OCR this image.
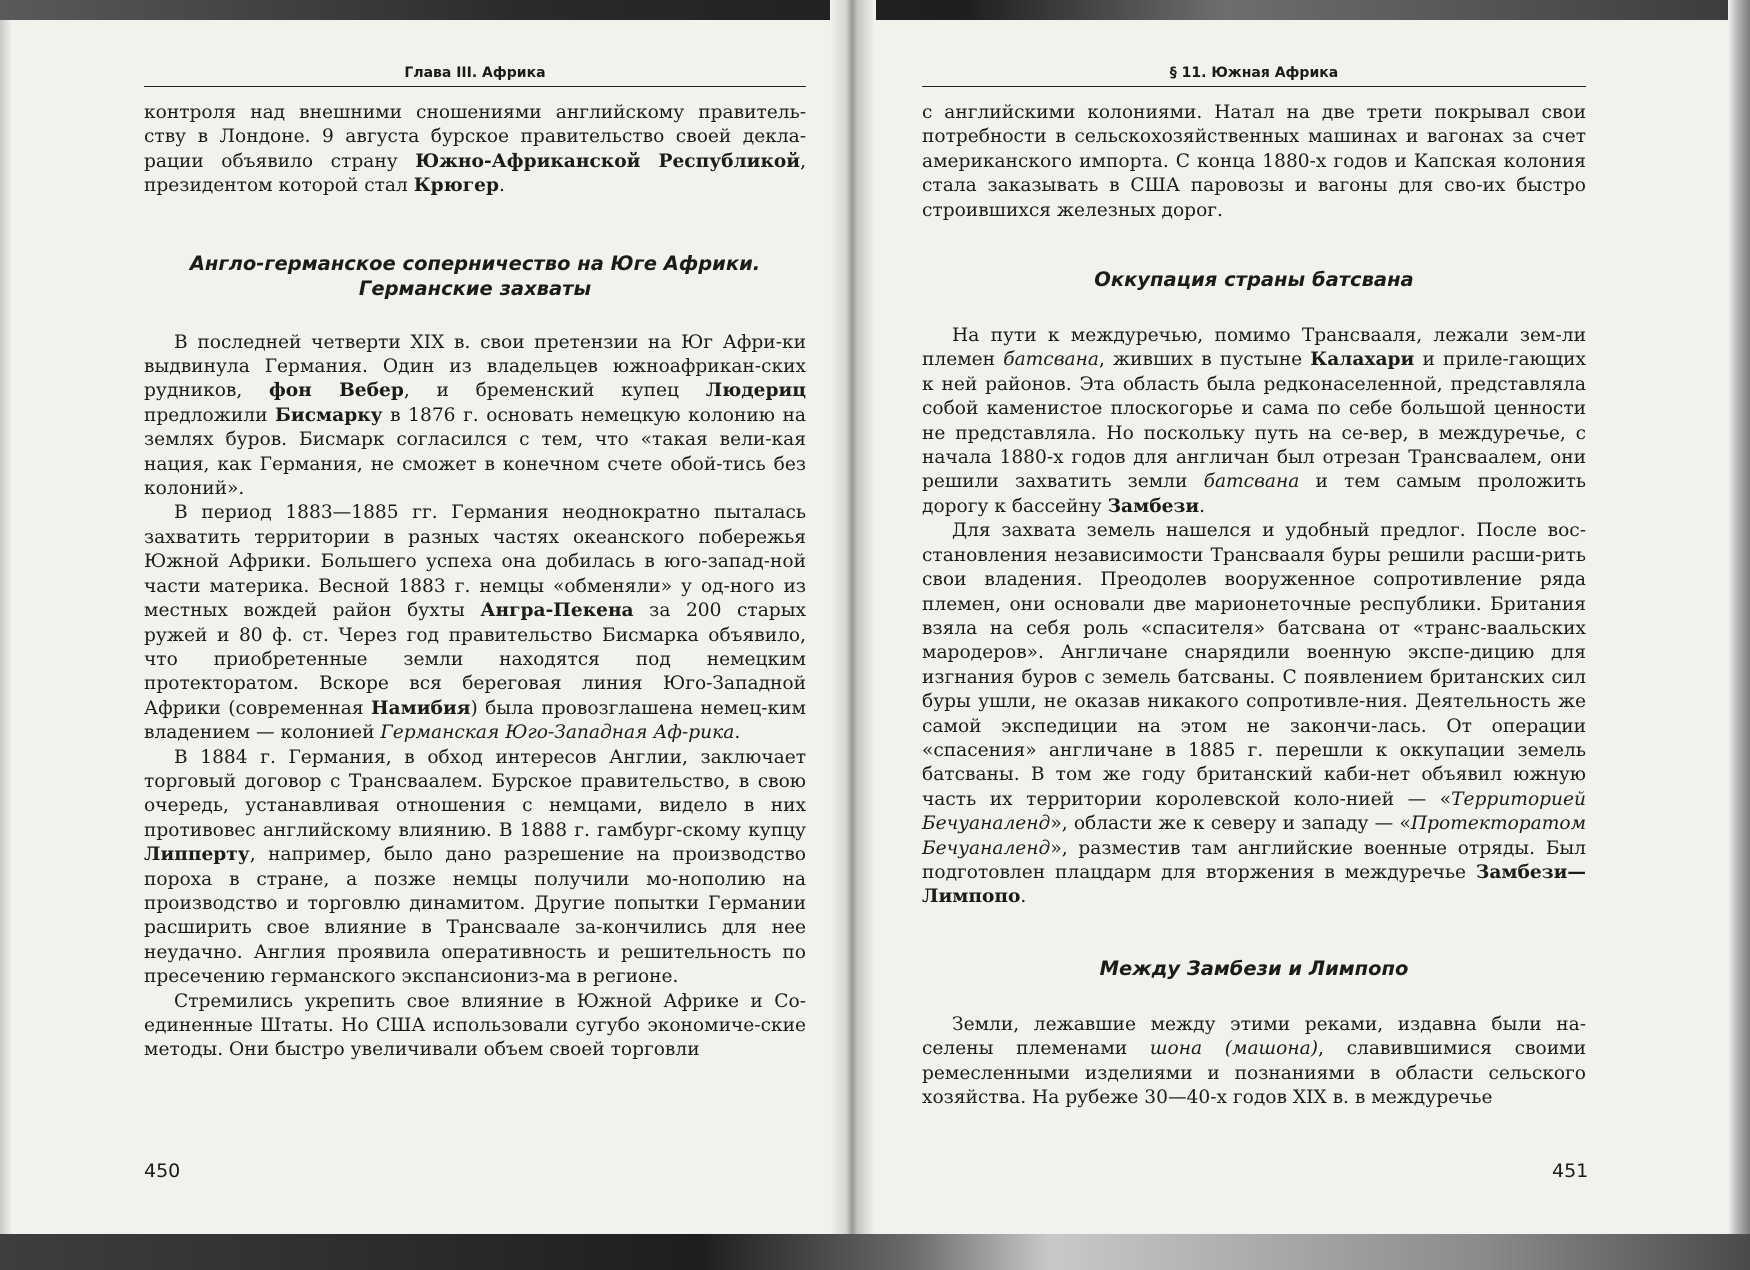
Глава III. Африка

контроля над внешними сношениями английскому правитель-ству в Лондоне. 9 августа бурское правительство своей декла-рации объявило страну Южно-Африканской Республикой, президентом которой стал Крюгер.

Англо-германское соперничество на Юге Африки.
Германские захваты

В последней четверти XIX в. свои претензии на Юг Афри-ки выдвинула Германия. Один из владельцев южноафрикан-ских рудников, фон Вебер, и бременский купец Людериц предложили Бисмарку в 1876 г. основать немецкую колонию на землях буров. Бисмарк согласился с тем, что «такая вели-кая нация, как Германия, не сможет в конечном счете обой-тись без колоний».

В период 1883—1885 гг. Германия неоднократно пыталась захватить территории в разных частях океанского побережья Южной Африки. Большего успеха она добилась в юго-запад-ной части материка. Весной 1883 г. немцы «обменяли» у од-ного из местных вождей район бухты Ангра-Пекена за 200 старых ружей и 80 ф. ст. Через год правительство Бисмарка объявило, что приобретенные земли находятся под немецким протекторатом. Вскоре вся береговая линия Юго-Западной Африки (современная Намибия) была провозглашена немец-ким владением — колонией Германская Юго-Западная Аф-рика.

В 1884 г. Германия, в обход интересов Англии, заключает торговый договор с Трансваалем. Бурское правительство, в свою очередь, устанавливая отношения с немцами, видело в них противовес английскому влиянию. В 1888 г. гамбург-скому купцу Липперту, например, было дано разрешение на производство пороха в стране, а позже немцы получили мо-нополию на производство и торговлю динамитом. Другие попытки Германии расширить свое влияние в Трансваале за-кончились для нее неудачно. Англия проявила оперативность и решительность по пресечению германского экспансиониз-ма в регионе.

Стремились укрепить свое влияние в Южной Африке и Со-единенные Штаты. Но США использовали сугубо экономиче-ские методы. Они быстро увеличивали объем своей торговли

450
§ 11. Южная Африка

с английскими колониями. Натал на две трети покрывал свои потребности в сельскохозяйственных машинах и вагонах за счет американского импорта. С конца 1880-х годов и Капская колония стала заказывать в США паровозы и вагоны для сво-их быстро строившихся железных дорог.

Оккупация страны батсвана

На пути к междуречью, помимо Трансвааля, лежали зем-ли племен батсвана, живших в пустыне Калахари и приле-гающих к ней районов. Эта область была редконаселенной, представляла собой каменистое плоскогорье и сама по себе большой ценности не представляла. Но поскольку путь на се-вер, в междуречье, с начала 1880-х годов для англичан был отрезан Трансваалем, они решили захватить земли батсвана и тем самым проложить дорогу к бассейну Замбези.

Для захвата земель нашелся и удобный предлог. После вос-становления независимости Трансвааля буры решили расши-рить свои владения. Преодолев вооруженное сопротивление ряда племен, они основали две марионеточные республики. Британия взяла на себя роль «спасителя» батсвана от «транс-ваальских мародеров». Англичане снарядили военную экспе-дицию для изгнания буров с земель батсваны. С появлением британских сил буры ушли, не оказав никакого сопротивле-ния. Деятельность же самой экспедиции на этом не закончи-лась. От операции «спасения» англичане в 1885 г. перешли к оккупации земель батсваны. В том же году британский каби-нет объявил южную часть их территории королевской коло-нией — «Территорией Бечуаналенд», области же к северу и западу — «Протекторатом Бечуаналенд», разместив там английские военные отряды. Был подготовлен плацдарм для вторжения в междуречье Замбези—Лимпопо.

Между Замбези и Лимпопо

Земли, лежавшие между этими реками, издавна были на-селены племенами шона (машона), славившимися своими ремесленными изделиями и познаниями в области сельского хозяйства. На рубеже 30—40-х годов XIX в. в междуречье

451
